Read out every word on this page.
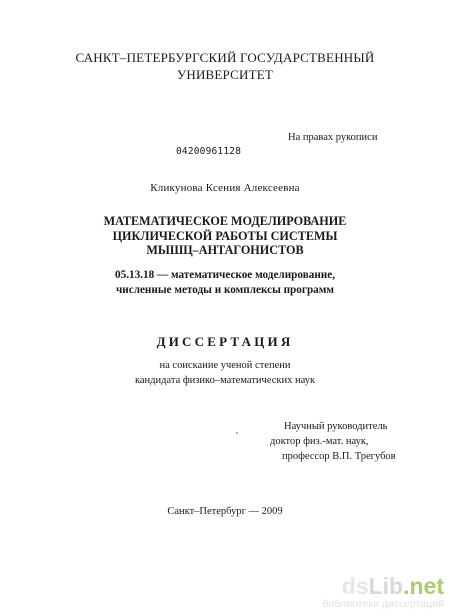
САНКТ–ПЕТЕРБУРГСКИЙ ГОСУДАРСТВЕННЫЙ
УНИВЕРСИТЕТ
На правах рукописи
04200961128
Кликунова Ксения Алексеевна
МАТЕМАТИЧЕСКОЕ МОДЕЛИРОВАНИЕ
ЦИКЛИЧЕСКОЙ РАБОТЫ СИСТЕМЫ
МЫШЦ–АНТАГОНИСТОВ
05.13.18 — математическое моделирование,
численные методы и комплексы программ
ДИССЕРТАЦИЯ
на соискание ученой степени
кандидата физико–математических наук
Научный руководитель
доктор физ.-мат. наук,
профессор В.П. Трегубов
Санкт–Петербург — 2009
dsLib.net
библиотека диссертаций
